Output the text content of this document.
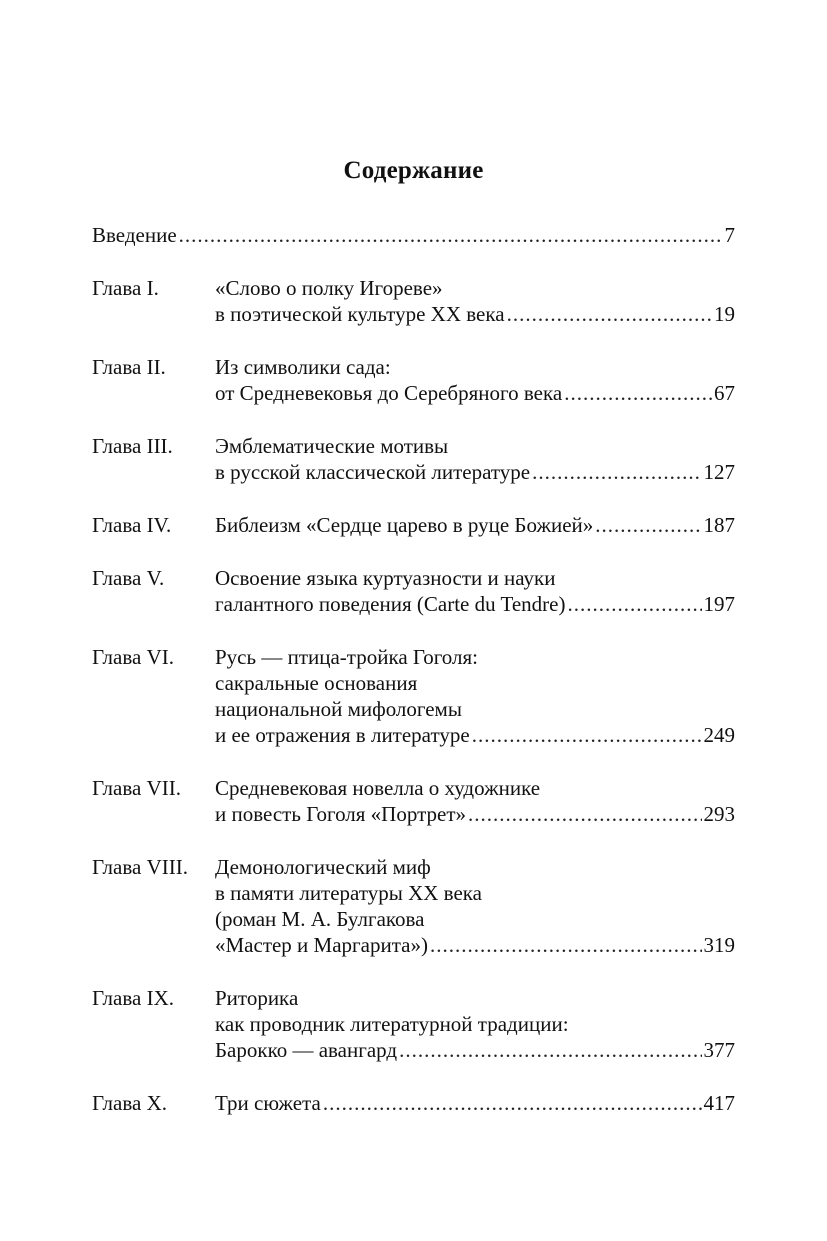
Содержание
Введение .....	7
Глава I.	«Слово о полку Игореве»
в поэтической культуре XX века .....	19
Глава II. Из символики сада:
от Средневековья до Серебряного века .....	67
Глава III. Эмблематические мотивы
в русской классической литературе .....	127
Глава IV. Библеизм «Сердце царево в руце Божией» .....	187
Глава V. Освоение языка куртуазности и науки
галантного поведения (Carte du Tendre) .....	197
Глава VI. Русь — птица-тройка Гоголя:
сакральные основания
национальной мифологемы
и ее отражения в литературе .....	249
Глава VII. Средневековая новелла о художнике
и повесть Гоголя «Портрет» .....	293
Глава VIII. Демонологический миф
в памяти литературы XX века
(роман М. А. Булгакова
«Мастер и Маргарита») .....	319
Глава IX. Риторика
как проводник литературной традиции:
Барокко — авангард .....	377
Глава X. Три сюжета .....	417
